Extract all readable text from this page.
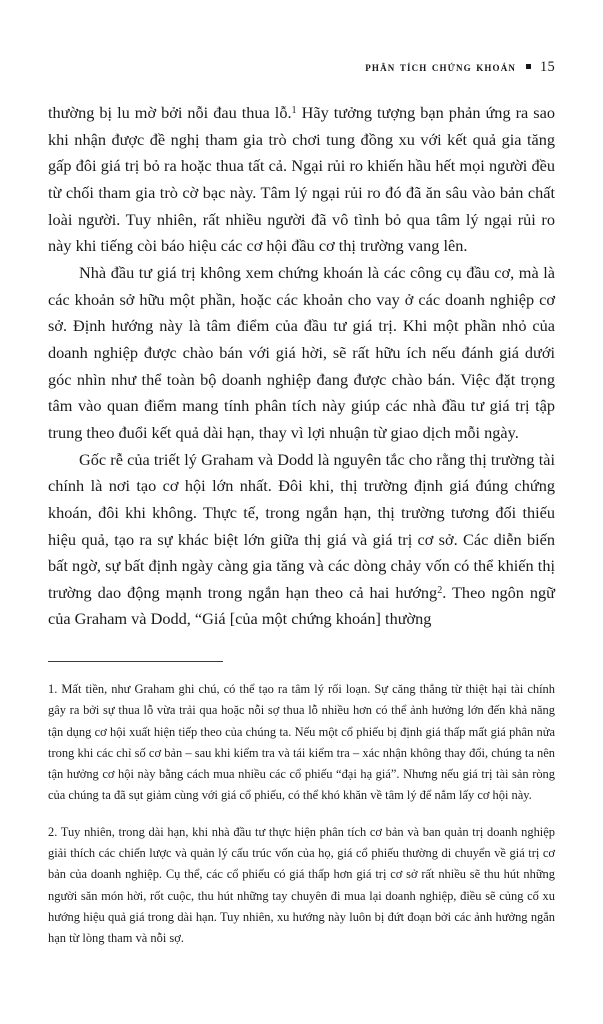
phân tích chứng khoán 15

thường bị lu mờ bởi nỗi đau thua lỗ.$^1$ Hãy tưởng tượng bạn phản ứng ra sao khi nhận được đề nghị tham gia trò chơi tung đồng xu với kết quả gia tăng gấp đôi giá trị bỏ ra hoặc thua tất cả. Ngại rủi ro khiến hầu hết mọi người đều từ chối tham gia trò cờ bạc này. Tâm lý ngại rủi ro đó đã ăn sâu vào bản chất loài người. Tuy nhiên, rất nhiều người đã vô tình bỏ qua tâm lý ngại rủi ro này khi tiếng còi báo hiệu các cơ hội đầu cơ thị trường vang lên.

Nhà đầu tư giá trị không xem chứng khoán là các công cụ đầu cơ, mà là các khoản sở hữu một phần, hoặc các khoản cho vay ở các doanh nghiệp cơ sở. Định hướng này là tâm điểm của đầu tư giá trị. Khi một phần nhỏ của doanh nghiệp được chào bán với giá hời, sẽ rất hữu ích nếu đánh giá dưới góc nhìn như thể toàn bộ doanh nghiệp đang được chào bán. Việc đặt trọng tâm vào quan điểm mang tính phân tích này giúp các nhà đầu tư giá trị tập trung theo đuổi kết quả dài hạn, thay vì lợi nhuận từ giao dịch mỗi ngày.

Gốc rễ của triết lý Graham và Dodd là nguyên tắc cho rằng thị trường tài chính là nơi tạo cơ hội lớn nhất. Đôi khi, thị trường định giá đúng chứng khoán, đôi khi không. Thực tế, trong ngắn hạn, thị trường tương đối thiếu hiệu quả, tạo ra sự khác biệt lớn giữa thị giá và giá trị cơ sở. Các diễn biến bất ngờ, sự bất định ngày càng gia tăng và các dòng chảy vốn có thể khiến thị trường dao động mạnh trong ngắn hạn theo cả hai hướng$^2$. Theo ngôn ngữ của Graham và Dodd, “Giá [của một chứng khoán] thường

1. Mất tiền, như Graham ghi chú, có thể tạo ra tâm lý rối loạn. Sự căng thẳng từ thiệt hại tài chính gây ra bởi sự thua lỗ vừa trải qua hoặc nỗi sợ thua lỗ nhiều hơn có thể ảnh hưởng lớn đến khả năng tận dụng cơ hội xuất hiện tiếp theo của chúng ta. Nếu một cổ phiếu bị định giá thấp mất giá phân nửa trong khi các chỉ số cơ bản – sau khi kiểm tra và tái kiểm tra – xác nhận không thay đổi, chúng ta nên tận hưởng cơ hội này bằng cách mua nhiều các cổ phiếu “đại hạ giá”. Nhưng nếu giá trị tài sản ròng của chúng ta đã sụt giảm cùng với giá cổ phiếu, có thể khó khăn về tâm lý để nắm lấy cơ hội này.

2. Tuy nhiên, trong dài hạn, khi nhà đầu tư thực hiện phân tích cơ bản và ban quản trị doanh nghiệp giải thích các chiến lược và quản lý cấu trúc vốn của họ, giá cổ phiếu thường di chuyển về giá trị cơ bản của doanh nghiệp. Cụ thể, các cổ phiếu có giá thấp hơn giá trị cơ sở rất nhiều sẽ thu hút những người săn món hời, rốt cuộc, thu hút những tay chuyên đi mua lại doanh nghiệp, điều sẽ củng cố xu hướng hiệu quả giá trong dài hạn. Tuy nhiên, xu hướng này luôn bị đứt đoạn bởi các ảnh hưởng ngắn hạn từ lòng tham và nỗi sợ.
